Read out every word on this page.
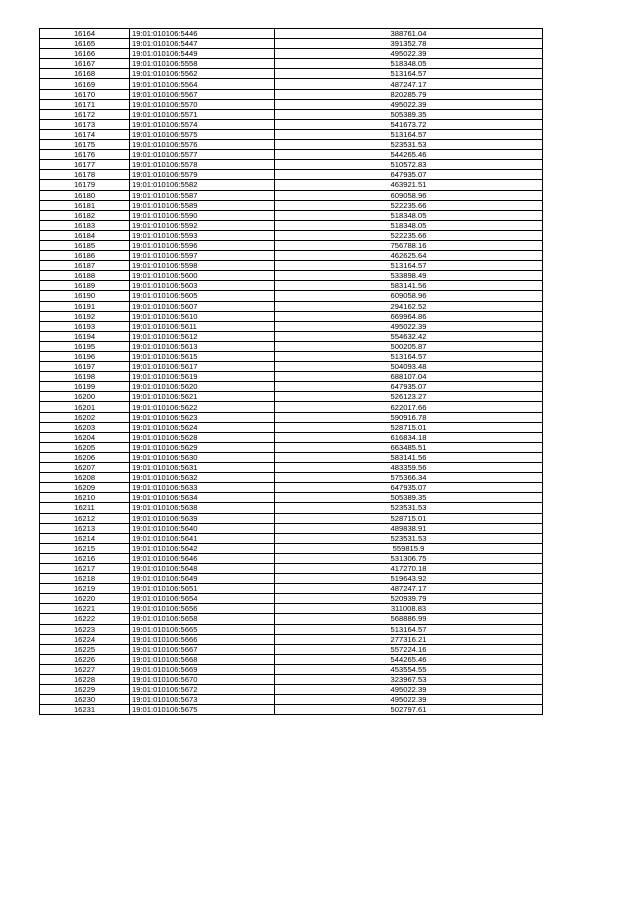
16164	19:01:010106:5446	388761.04
16165	19:01:010106:5447	391352.78
16166	19:01:010106:5449	495022.39
16167	19:01:010106:5558	518348.05
16168	19:01:010106:5562	513164.57
16169	19:01:010106:5564	487247.17
16170	19:01:010106:5567	820285.79
16171	19:01:010106:5570	495022.39
16172	19:01:010106:5571	505389.35
16173	19:01:010106:5574	541673.72
16174	19:01:010106:5575	513164.57
16175	19:01:010106:5576	523531.53
16176	19:01:010106:5577	544265.46
16177	19:01:010106:5578	510572.83
16178	19:01:010106:5579	647935.07
16179	19:01:010106:5582	463921.51
16180	19:01:010106:5587	609058.96
16181	19:01:010106:5589	522235.66
16182	19:01:010106:5590	518348.05
16183	19:01:010106:5592	518348.05
16184	19:01:010106:5593	522235.66
16185	19:01:010106:5596	756788.16
16186	19:01:010106:5597	462625.64
16187	19:01:010106:5598	513164.57
16188	19:01:010106:5600	533898.49
16189	19:01:010106:5603	583141.56
16190	19:01:010106:5605	609058.96
16191	19:01:010106:5607	294162.52
16192	19:01:010106:5610	669964.86
16193	19:01:010106:5611	495022.39
16194	19:01:010106:5612	554632.42
16195	19:01:010106:5613	500205.87
16196	19:01:010106:5615	513164.57
16197	19:01:010106:5617	504093.48
16198	19:01:010106:5619	688107.04
16199	19:01:010106:5620	647935.07
16200	19:01:010106:5621	526123.27
16201	19:01:010106:5622	622017.66
16202	19:01:010106:5623	590916.78
16203	19:01:010106:5624	528715.01
16204	19:01:010106:5628	616834.18
16205	19:01:010106:5629	663485.51
16206	19:01:010106:5630	583141.56
16207	19:01:010106:5631	483359.56
16208	19:01:010106:5632	575366.34
16209	19:01:010106:5633	647935.07
16210	19:01:010106:5634	505389.35
16211	19:01:010106:5638	523531.53
16212	19:01:010106:5639	528715.01
16213	19:01:010106:5640	489838.91
16214	19:01:010106:5641	523531.53
16215	19:01:010106:5642	559815.9
16216	19:01:010106:5646	531306.75
16217	19:01:010106:5648	417270.18
16218	19:01:010106:5649	519643.92
16219	19:01:010106:5651	487247.17
16220	19:01:010106:5654	520939.79
16221	19:01:010106:5656	311008.83
16222	19:01:010106:5658	568886.99
16223	19:01:010106:5665	513164.57
16224	19:01:010106:5666	277316.21
16225	19:01:010106:5667	557224.16
16226	19:01:010106:5668	544265.46
16227	19:01:010106:5669	453554.55
16228	19:01:010106:5670	323967.53
16229	19:01:010106:5672	495022.39
16230	19:01:010106:5673	495022.39
16231	19:01:010106:5675	502797.61
